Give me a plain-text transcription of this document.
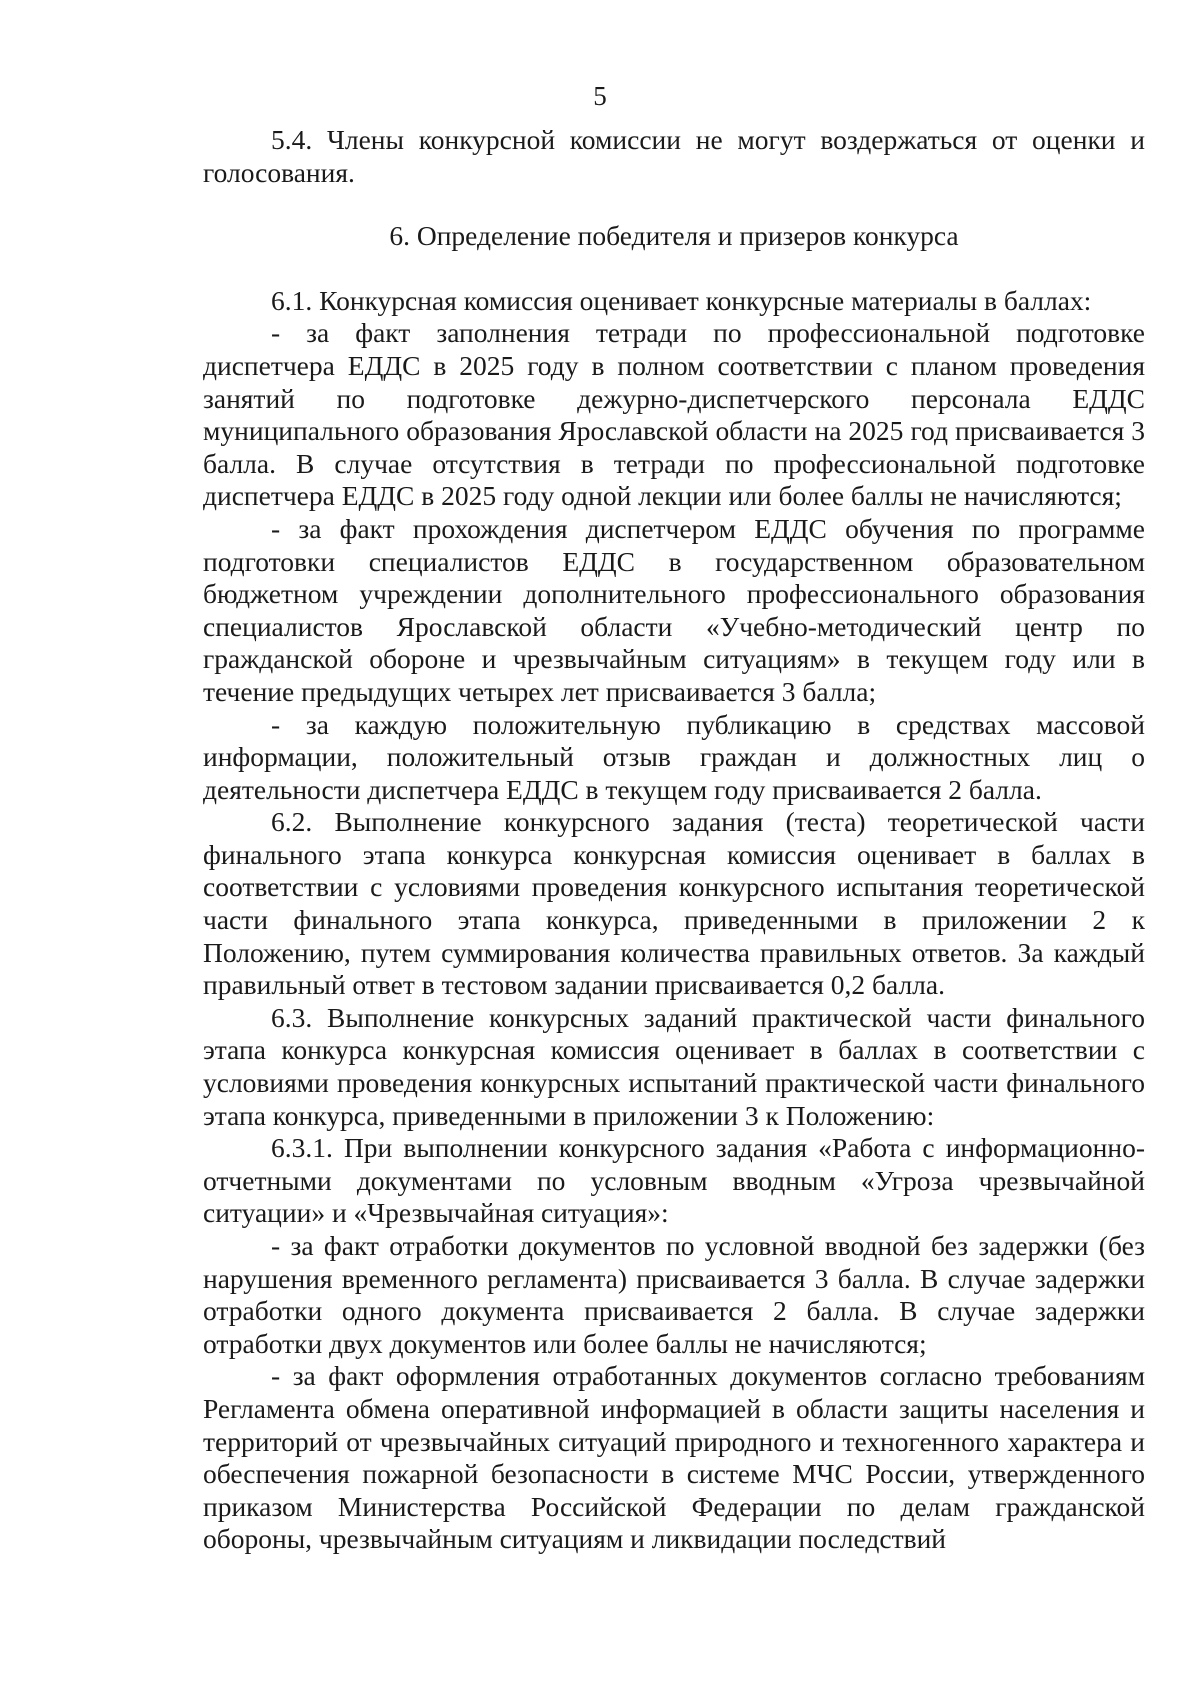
5

5.4. Члены конкурсной комиссии не могут воздержаться от оценки и голосования.

6. Определение победителя и призеров конкурса

6.1. Конкурсная комиссия оценивает конкурсные материалы в баллах:

- за факт заполнения тетради по профессиональной подготовке диспетчера ЕДДС в 2025 году в полном соответствии с планом проведения занятий по подготовке дежурно-диспетчерского персонала ЕДДС муниципального образования Ярославской области на 2025 год присваивается 3 балла. В случае отсутствия в тетради по профессиональной подготовке диспетчера ЕДДС в 2025 году одной лекции или более баллы не начисляются;

- за факт прохождения диспетчером ЕДДС обучения по программе подготовки специалистов ЕДДС в государственном образовательном бюджетном учреждении дополнительного профессионального образования специалистов Ярославской области «Учебно-методический центр по гражданской обороне и чрезвычайным ситуациям» в текущем году или в течение предыдущих четырех лет присваивается 3 балла;

- за каждую положительную публикацию в средствах массовой информации, положительный отзыв граждан и должностных лиц о деятельности диспетчера ЕДДС в текущем году присваивается 2 балла.

6.2. Выполнение конкурсного задания (теста) теоретической части финального этапа конкурса конкурсная комиссия оценивает в баллах в соответствии с условиями проведения конкурсного испытания теоретической части финального этапа конкурса, приведенными в приложении 2 к Положению, путем суммирования количества правильных ответов. За каждый правильный ответ в тестовом задании присваивается 0,2 балла.

6.3. Выполнение конкурсных заданий практической части финального этапа конкурса конкурсная комиссия оценивает в баллах в соответствии с условиями проведения конкурсных испытаний практической части финального этапа конкурса, приведенными в приложении 3 к Положению:

6.3.1. При выполнении конкурсного задания «Работа с информационно-отчетными документами по условным вводным «Угроза чрезвычайной ситуации» и «Чрезвычайная ситуация»:

- за факт отработки документов по условной вводной без задержки (без нарушения временного регламента) присваивается 3 балла. В случае задержки отработки одного документа присваивается 2 балла. В случае задержки отработки двух документов или более баллы не начисляются;

- за факт оформления отработанных документов согласно требованиям Регламента обмена оперативной информацией в области защиты населения и территорий от чрезвычайных ситуаций природного и техногенного характера и обеспечения пожарной безопасности в системе МЧС России, утвержденного приказом Министерства Российской Федерации по делам гражданской обороны, чрезвычайным ситуациям и ликвидации последствий
